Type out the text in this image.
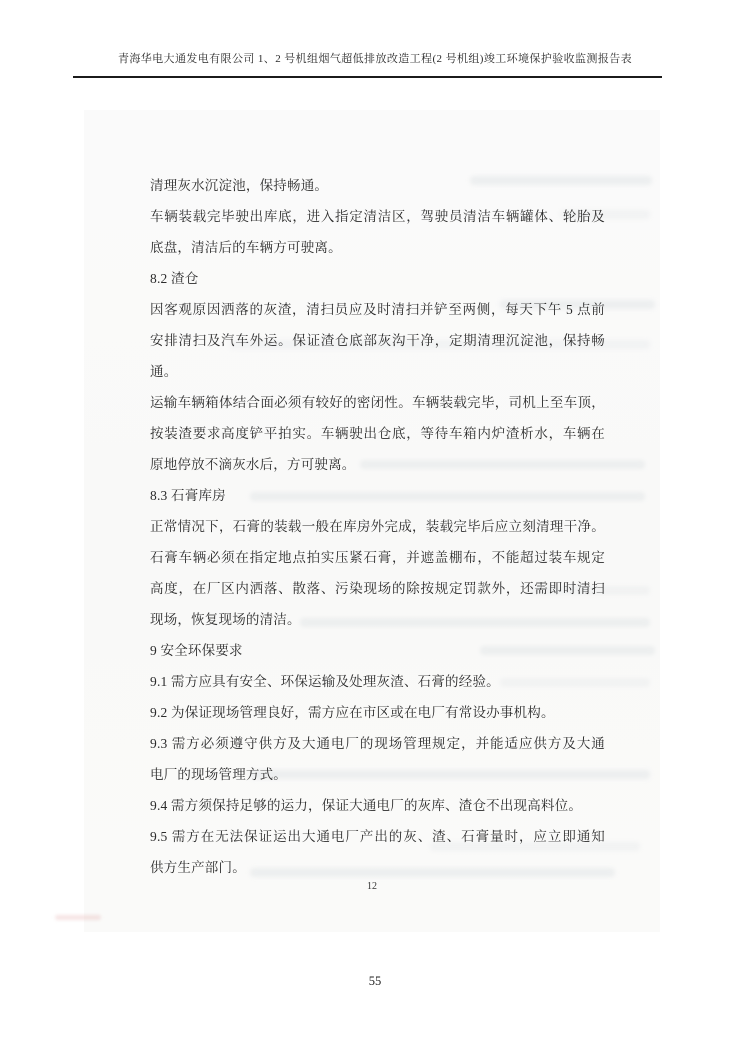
青海华电大通发电有限公司 1、2 号机组烟气超低排放改造工程(2 号机组)竣工环境保护验收监测报告表
清理灰水沉淀池，保持畅通。
车辆装载完毕驶出库底，进入指定清洁区，驾驶员清洁车辆罐体、轮胎及
底盘，清洁后的车辆方可驶离。
8.2 渣仓
因客观原因洒落的灰渣，清扫员应及时清扫并铲至两侧，每天下午 5 点前
安排清扫及汽车外运。保证渣仓底部灰沟干净，定期清理沉淀池，保持畅
通。
运输车辆箱体结合面必须有较好的密闭性。车辆装载完毕，司机上至车顶，
按装渣要求高度铲平拍实。车辆驶出仓底，等待车箱内炉渣析水，车辆在
原地停放不滴灰水后，方可驶离。
8.3 石膏库房
正常情况下，石膏的装载一般在库房外完成，装载完毕后应立刻清理干净。
石膏车辆必须在指定地点拍实压紧石膏，并遮盖棚布，不能超过装车规定
高度，在厂区内洒落、散落、污染现场的除按规定罚款外，还需即时清扫
现场，恢复现场的清洁。
9 安全环保要求
9.1 需方应具有安全、环保运输及处理灰渣、石膏的经验。
9.2 为保证现场管理良好，需方应在市区或在电厂有常设办事机构。
9.3 需方必须遵守供方及大通电厂的现场管理规定，并能适应供方及大通
电厂的现场管理方式。
9.4 需方须保持足够的运力，保证大通电厂的灰库、渣仓不出现高料位。
9.5 需方在无法保证运出大通电厂产出的灰、渣、石膏量时，应立即通知
供方生产部门。
12
55
